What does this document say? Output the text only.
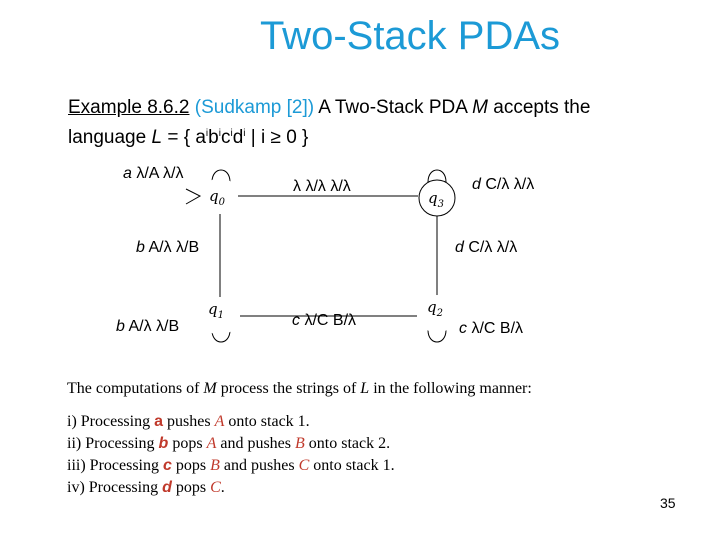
Two-Stack PDAs
Example 8.6.2 (Sudkamp [2]) A Two-Stack PDA M accepts the
language L = { $a^ib^ic^id^i$ | i ≥ 0 }
$q_0$	$q_3$
$q_1$	$q_2$
a λ/A λ/λ
λ λ/λ λ/λ	d C/λ λ/λ
b A/λ λ/B	d C/λ λ/λ
b A/λ λ/B	c λ/C B/λ	c λ/C B/λ
The computations of M process the strings of L in the following manner:
i) Processing a pushes A onto stack 1.
ii) Processing b pops A and pushes B onto stack 2.
iii) Processing c pops B and pushes C onto stack 1.
iv) Processing d pops C.
35
